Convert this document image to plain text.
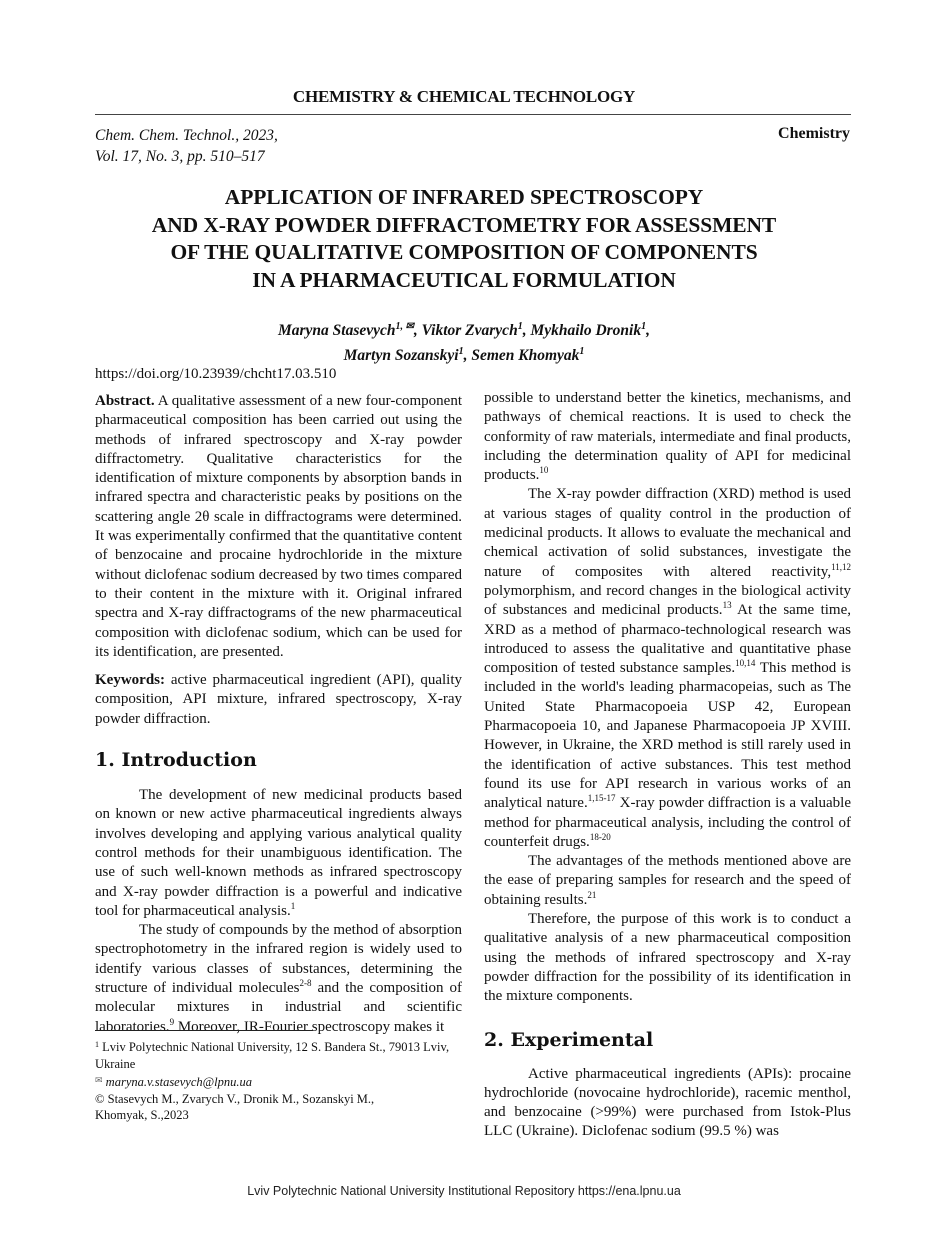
CHEMISTRY & CHEMICAL TECHNOLOGY
Chem. Chem. Technol., 2023,
Vol. 17, No. 3, pp. 510–517
Chemistry
APPLICATION OF INFRARED SPECTROSCOPY
AND X-RAY POWDER DIFFRACTOMETRY FOR ASSESSMENT
OF THE QUALITATIVE COMPOSITION OF COMPONENTS
IN A PHARMACEUTICAL FORMULATION
Maryna Stasevych$^{1, ✉}$, Viktor Zvarych$^1$, Mykhailo Dronik$^1$,
Martyn Sozanskyi$^1$, Semen Khomyak$^1$
https://doi.org/10.23939/chcht17.03.510

Abstract. A qualitative assessment of a new four-component pharmaceutical composition has been carried out using the methods of infrared spectroscopy and X-ray powder diffractometry. Qualitative characteristics for the identification of mixture components by absorption bands in infrared spectra and characteristic peaks by positions on the scattering angle 2θ scale in diffractograms were determined. It was experimentally confirmed that the quantitative content of benzocaine and procaine hydrochloride in the mixture without diclofenac sodium decreased by two times compared to their content in the mixture with it. Original infrared spectra and X-ray diffractograms of the new pharmaceutical composition with diclofenac sodium, which can be used for its identification, are presented.

Keywords: active pharmaceutical ingredient (API), quality composition, API mixture, infrared spectroscopy, X-ray powder diffraction.

1. Introduction

The development of new medicinal products based on known or new active pharmaceutical ingredients always involves developing and applying various analytical quality control methods for their unambiguous identification. The use of such well-known methods as infrared spectroscopy and X-ray powder diffraction is a powerful and indicative tool for pharmaceutical analysis.$^1$

The study of compounds by the method of absorption spectrophotometry in the infrared region is widely used to identify various classes of substances, determining the structure of individual molecules$^{2-8}$ and the composition of molecular mixtures in industrial and scientific laboratories.$^9$ Moreover, IR-Fourier spectroscopy makes it

$^1$ Lviv Polytechnic National University, 12 S. Bandera St., 79013 Lviv, Ukraine
✉ maryna.v.stasevych@lpnu.ua
© Stasevych M., Zvarych V., Dronik M., Sozanskyi M.,
Khomyak, S.,2023

possible to understand better the kinetics, mechanisms, and pathways of chemical reactions. It is used to check the conformity of raw materials, intermediate and final products, including the determination quality of API for medicinal products.$^{10}$

The X-ray powder diffraction (XRD) method is used at various stages of quality control in the production of medicinal products. It allows to evaluate the mechanical and chemical activation of solid substances, investigate the nature of composites with altered reactivity,$^{11,12}$ polymorphism, and record changes in the biological activity of substances and medicinal products.$^{13}$ At the same time, XRD as a method of pharmaco-technological research was introduced to assess the qualitative and quantitative phase composition of tested substance samples.$^{10,14}$ This method is included in the world's leading pharmacopeias, such as The United State Pharmacopoeia USP 42, European Pharmacopoeia 10, and Japanese Pharmacopoeia JP XVIII. However, in Ukraine, the XRD method is still rarely used in the identification of active substances. This test method found its use for API research in various works of an analytical nature.$^{1,15-17}$ X-ray powder diffraction is a valuable method for pharmaceutical analysis, including the control of counterfeit drugs.$^{18-20}$

The advantages of the methods mentioned above are the ease of preparing samples for research and the speed of obtaining results.$^{21}$

Therefore, the purpose of this work is to conduct a qualitative analysis of a new pharmaceutical composition using the methods of infrared spectroscopy and X-ray powder diffraction for the possibility of its identification in the mixture components.

2. Experimental

Active pharmaceutical ingredients (APIs): procaine hydrochloride (novocaine hydrochloride), racemic menthol, and benzocaine (>99%) were purchased from Istok-Plus LLC (Ukraine). Diclofenac sodium (99.5 %) was

Lviv Polytechnic National University Institutional Repository https://ena.lpnu.ua
